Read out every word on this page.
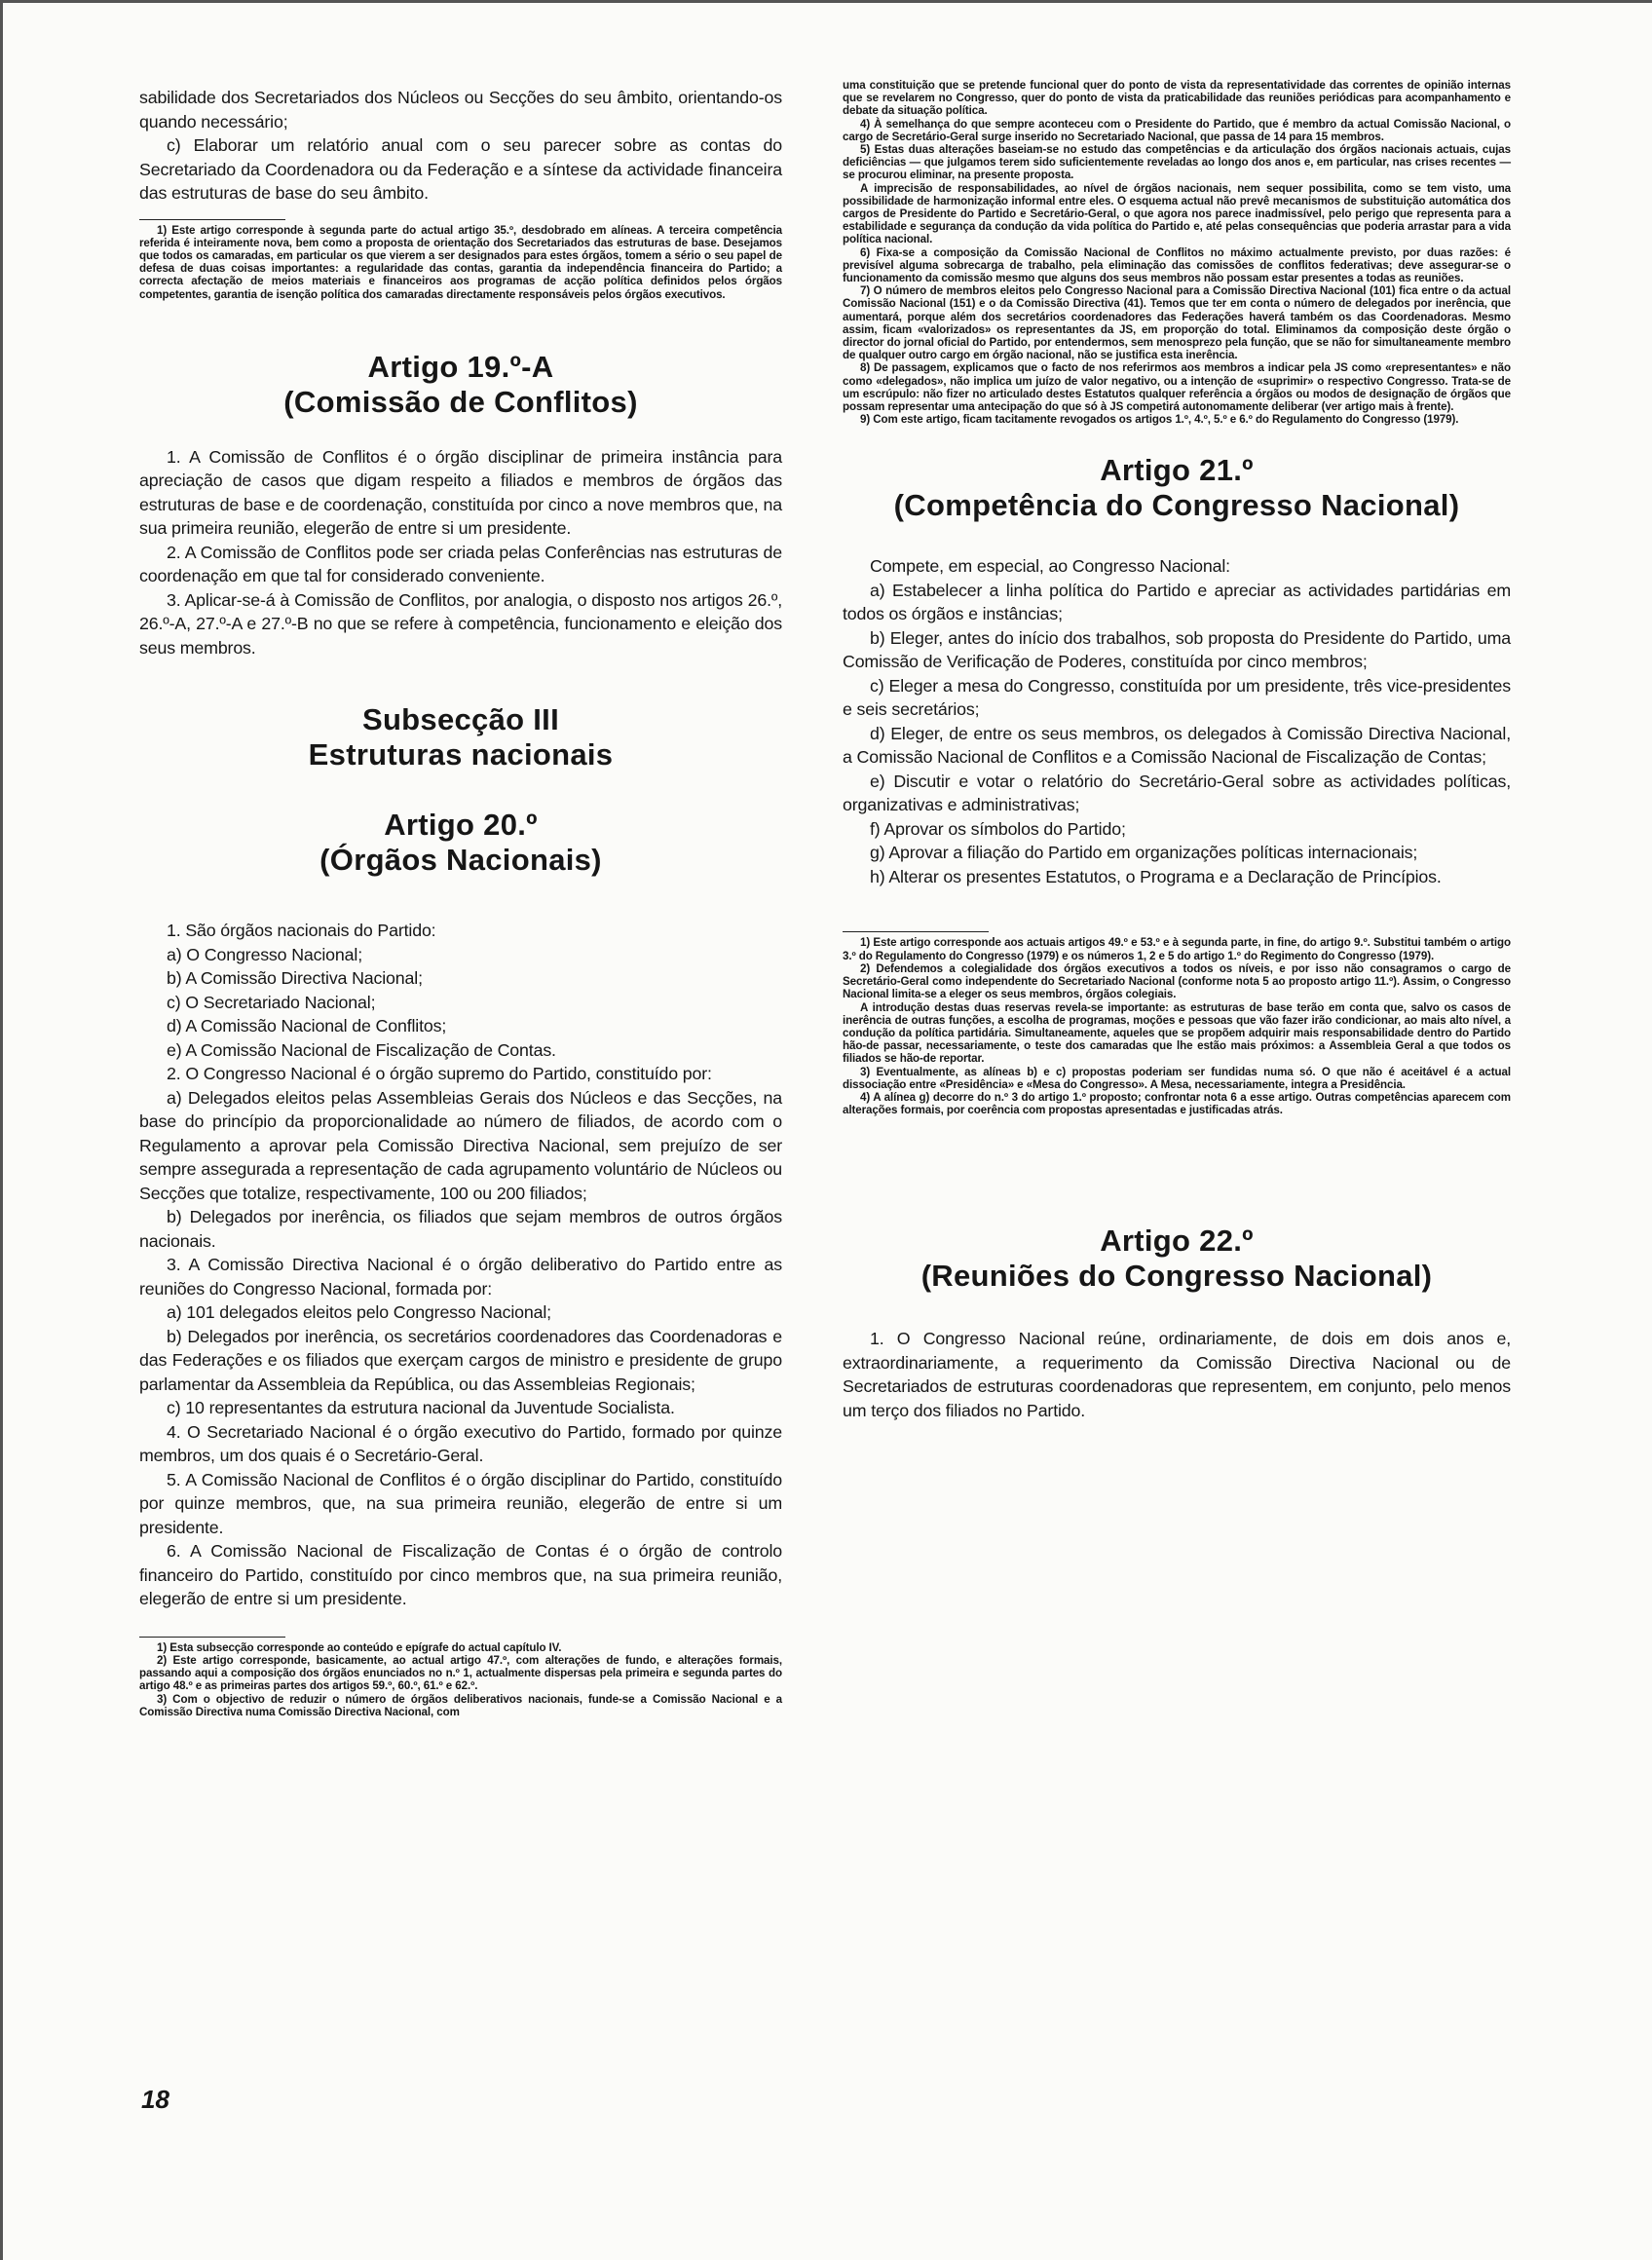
sabilidade dos Secretariados dos Núcleos ou Secções do seu âmbito, orientando-os quando necessário;

c) Elaborar um relatório anual com o seu parecer sobre as contas do Secretariado da Coordenadora ou da Federação e a síntese da actividade financeira das estruturas de base do seu âmbito.

1) Este artigo corresponde à segunda parte do actual artigo 35.º, desdobrado em alíneas. A terceira competência referida é inteiramente nova, bem como a proposta de orientação dos Secretariados das estruturas de base. Desejamos que todos os camaradas, em particular os que vierem a ser designados para estes órgãos, tomem a sério o seu papel de defesa de duas coisas importantes: a regularidade das contas, garantia da independência financeira do Partido; a correcta afectação de meios materiais e financeiros aos programas de acção política definidos pelos órgãos competentes, garantia de isenção política dos camaradas directamente responsáveis pelos órgãos executivos.

Artigo 19.º-A
(Comissão de Conflitos)

1. A Comissão de Conflitos é o órgão disciplinar de primeira instância para apreciação de casos que digam respeito a filiados e membros de órgãos das estruturas de base e de coordenação, constituída por cinco a nove membros que, na sua primeira reunião, elegerão de entre si um presidente.

2. A Comissão de Conflitos pode ser criada pelas Conferências nas estruturas de coordenação em que tal for considerado conveniente.

3. Aplicar-se-á à Comissão de Conflitos, por analogia, o disposto nos artigos 26.º, 26.º-A, 27.º-A e 27.º-B no que se refere à competência, funcionamento e eleição dos seus membros.

Subsecção III
Estruturas nacionais
Artigo 20.º
(Órgãos Nacionais)

1. São órgãos nacionais do Partido:

a) O Congresso Nacional;

b) A Comissão Directiva Nacional;

c) O Secretariado Nacional;

d) A Comissão Nacional de Conflitos;

e) A Comissão Nacional de Fiscalização de Contas.

2. O Congresso Nacional é o órgão supremo do Partido, constituído por:

a) Delegados eleitos pelas Assembleias Gerais dos Núcleos e das Secções, na base do princípio da proporcionalidade ao número de filiados, de acordo com o Regulamento a aprovar pela Comissão Directiva Nacional, sem prejuízo de ser sempre assegurada a representação de cada agrupamento voluntário de Núcleos ou Secções que totalize, respectivamente, 100 ou 200 filiados;

b) Delegados por inerência, os filiados que sejam membros de outros órgãos nacionais.

3. A Comissão Directiva Nacional é o órgão deliberativo do Partido entre as reuniões do Congresso Nacional, formada por:

a) 101 delegados eleitos pelo Congresso Nacional;

b) Delegados por inerência, os secretários coordenadores das Coordenadoras e das Federações e os filiados que exerçam cargos de ministro e presidente de grupo parlamentar da Assembleia da República, ou das Assembleias Regionais;

c) 10 representantes da estrutura nacional da Juventude Socialista.

4. O Secretariado Nacional é o órgão executivo do Partido, formado por quinze membros, um dos quais é o Secretário-Geral.

5. A Comissão Nacional de Conflitos é o órgão disciplinar do Partido, constituído por quinze membros, que, na sua primeira reunião, elegerão de entre si um presidente.

6. A Comissão Nacional de Fiscalização de Contas é o órgão de controlo financeiro do Partido, constituído por cinco membros que, na sua primeira reunião, elegerão de entre si um presidente.

1) Esta subsecção corresponde ao conteúdo e epígrafe do actual capítulo IV.

2) Este artigo corresponde, basicamente, ao actual artigo 47.º, com alterações de fundo, e alterações formais, passando aqui a composição dos órgãos enunciados no n.º 1, actualmente dispersas pela primeira e segunda partes do artigo 48.º e as primeiras partes dos artigos 59.º, 60.º, 61.º e 62.º.

3) Com o objectivo de reduzir o número de órgãos deliberativos nacionais, funde-se a Comissão Nacional e a Comissão Directiva numa Comissão Directiva Nacional, com

18

uma constituição que se pretende funcional quer do ponto de vista da representatividade das correntes de opinião internas que se revelarem no Congresso, quer do ponto de vista da praticabilidade das reuniões periódicas para acompanhamento e debate da situação política.

4) À semelhança do que sempre aconteceu com o Presidente do Partido, que é membro da actual Comissão Nacional, o cargo de Secretário-Geral surge inserido no Secretariado Nacional, que passa de 14 para 15 membros.

5) Estas duas alterações baseiam-se no estudo das competências e da articulação dos órgãos nacionais actuais, cujas deficiências — que julgamos terem sido suficientemente reveladas ao longo dos anos e, em particular, nas crises recentes — se procurou eliminar, na presente proposta.

A imprecisão de responsabilidades, ao nível de órgãos nacionais, nem sequer possibilita, como se tem visto, uma possibilidade de harmonização informal entre eles. O esquema actual não prevê mecanismos de substituição automática dos cargos de Presidente do Partido e Secretário-Geral, o que agora nos parece inadmissível, pelo perigo que representa para a estabilidade e segurança da condução da vida política do Partido e, até pelas consequências que poderia arrastar para a vida política nacional.

6) Fixa-se a composição da Comissão Nacional de Conflitos no máximo actualmente previsto, por duas razões: é previsível alguma sobrecarga de trabalho, pela eliminação das comissões de conflitos federativas; deve assegurar-se o funcionamento da comissão mesmo que alguns dos seus membros não possam estar presentes a todas as reuniões.

7) O número de membros eleitos pelo Congresso Nacional para a Comissão Directiva Nacional (101) fica entre o da actual Comissão Nacional (151) e o da Comissão Directiva (41). Temos que ter em conta o número de delegados por inerência, que aumentará, porque além dos secretários coordenadores das Federações haverá também os das Coordenadoras. Mesmo assim, ficam «valorizados» os representantes da JS, em proporção do total. Eliminamos da composição deste órgão o director do jornal oficial do Partido, por entendermos, sem menosprezo pela função, que se não for simultaneamente membro de qualquer outro cargo em órgão nacional, não se justifica esta inerência.

8) De passagem, explicamos que o facto de nos referirmos aos membros a indicar pela JS como «representantes» e não como «delegados», não implica um juízo de valor negativo, ou a intenção de «suprimir» o respectivo Congresso. Trata-se de um escrúpulo: não fizer no articulado destes Estatutos qualquer referência a órgãos ou modos de designação de órgãos que possam representar uma antecipação do que só à JS competirá autonomamente deliberar (ver artigo mais à frente).

9) Com este artigo, ficam tacitamente revogados os artigos 1.º, 4.º, 5.º e 6.º do Regulamento do Congresso (1979).

Artigo 21.º
(Competência do Congresso Nacional)

Compete, em especial, ao Congresso Nacional:

a) Estabelecer a linha política do Partido e apreciar as actividades partidárias em todos os órgãos e instâncias;

b) Eleger, antes do início dos trabalhos, sob proposta do Presidente do Partido, uma Comissão de Verificação de Poderes, constituída por cinco membros;

c) Eleger a mesa do Congresso, constituída por um presidente, três vice-presidentes e seis secretários;

d) Eleger, de entre os seus membros, os delegados à Comissão Directiva Nacional, a Comissão Nacional de Conflitos e a Comissão Nacional de Fiscalização de Contas;

e) Discutir e votar o relatório do Secretário-Geral sobre as actividades políticas, organizativas e administrativas;

f) Aprovar os símbolos do Partido;

g) Aprovar a filiação do Partido em organizações políticas internacionais;

h) Alterar os presentes Estatutos, o Programa e a Declaração de Princípios.

1) Este artigo corresponde aos actuais artigos 49.º e 53.º e à segunda parte, in fine, do artigo 9.º. Substitui também o artigo 3.º do Regulamento do Congresso (1979) e os números 1, 2 e 5 do artigo 1.º do Regimento do Congresso (1979).

2) Defendemos a colegialidade dos órgãos executivos a todos os níveis, e por isso não consagramos o cargo de Secretário-Geral como independente do Secretariado Nacional (conforme nota 5 ao proposto artigo 11.º). Assim, o Congresso Nacional limita-se a eleger os seus membros, órgãos colegiais.

A introdução destas duas reservas revela-se importante: as estruturas de base terão em conta que, salvo os casos de inerência de outras funções, a escolha de programas, moções e pessoas que vão fazer irão condicionar, ao mais alto nível, a condução da política partidária. Simultaneamente, aqueles que se propõem adquirir mais responsabilidade dentro do Partido hão-de passar, necessariamente, o teste dos camaradas que lhe estão mais próximos: a Assembleia Geral a que todos os filiados se hão-de reportar.

3) Eventualmente, as alíneas b) e c) propostas poderiam ser fundidas numa só. O que não é aceitável é a actual dissociação entre «Presidência» e «Mesa do Congresso». A Mesa, necessariamente, integra a Presidência.

4) A alínea g) decorre do n.º 3 do artigo 1.º proposto; confrontar nota 6 a esse artigo. Outras competências aparecem com alterações formais, por coerência com propostas apresentadas e justificadas atrás.

Artigo 22.º
(Reuniões do Congresso Nacional)

1. O Congresso Nacional reúne, ordinariamente, de dois em dois anos e, extraordinariamente, a requerimento da Comissão Directiva Nacional ou de Secretariados de estruturas coordenadoras que representem, em conjunto, pelo menos um terço dos filiados no Partido.
